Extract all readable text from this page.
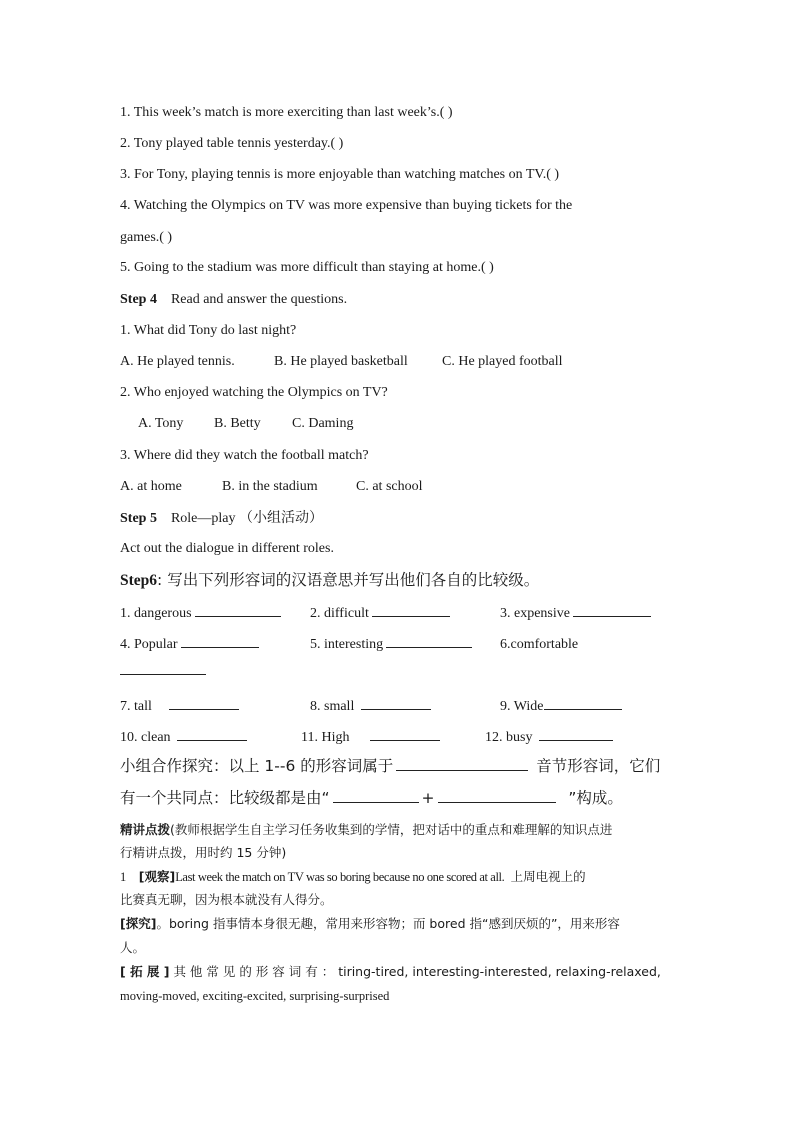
1. This week’s match is more exerciting than last week’s.( )
2. Tony played table tennis yesterday.( )
3. For Tony, playing tennis is more enjoyable than watching matches on TV.( )
4. Watching the Olympics on TV was more expensive than buying tickets for the
games.( )
5. Going to the stadium was more difficult than staying at home.( )
Step 4 Read and answer the questions.
1. What did Tony do last night?
A. He played tennis.	B. He played basketball C. He played football
2. Who enjoyed watching the Olympics on TV?
A. Tony B. Betty C. Daming
3. Where did they watch the football match?
A. at home	B. in the stadium	C. at school
Step 5 Role—play （小组活动）
Act out the dialogue in different roles.
Step6: 写出下列形容词的汉语意思并写出他们各自的比较级。
1. dangerous	2. difficult	3. expensive
4. Popular	5. interesting	6.comfortable
7. tall	8. small	9. Wide
10. clean	11. High	12. busy
小组合作探究：以上 1--6 的形容词属于	音节形容词，它们
有一个共同点：比较级都是由“	+	”构成。
精讲点拨(教师根据学生自主学习任务收集到的学情，把对话中的重点和难理解的知识点进
行精讲点拨，用时约 15 分钟)
1 [观察]Last week the match on TV was so boring because no one scored at all. 上周电视上的
比赛真无聊，因为根本就没有人得分。
[探究]。boring 指事情本身很无趣，常用来形容物；而 bored 指“感到厌烦的”，用来形容
人。
[ 拓 展 ] 其 他 常 见 的 形 容 词 有 ： tiring-tired, interesting-interested, relaxing-relaxed,
moving-moved, exciting-excited, surprising-surprised
